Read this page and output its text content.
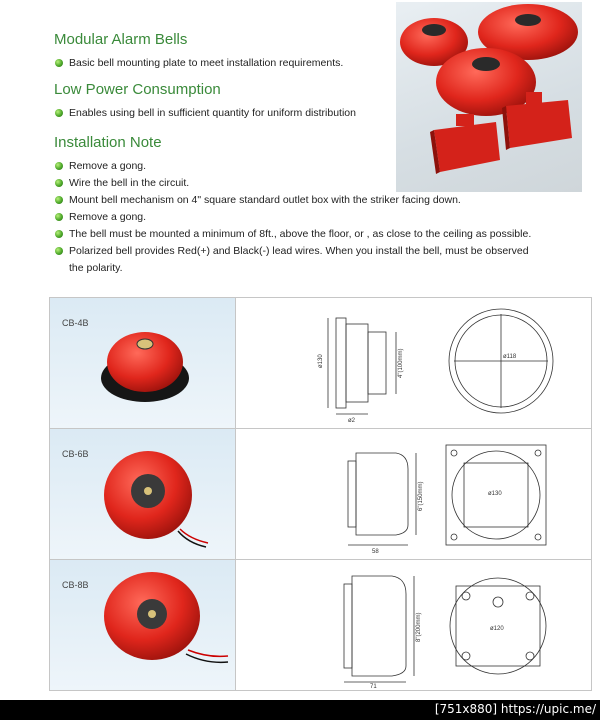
Modular Alarm Bells
Basic bell mounting plate to meet installation requirements.
Low Power Consumption
Enables using bell in sufficient quantity for uniform distribution
Installation Note
Remove a gong.
Wire the bell in the circuit.
Mount bell mechanism on 4" square standard outlet box with the striker facing down.
Remove a gong.
The bell must be mounted a minimum of 8ft., above the floor, or , as close to the ceiling as possible.
Polarized bell provides Red(+) and Black(-) lead wires. When you install the bell, must be observed
the polarity.
CB-4B
ø130
ø2
4"(100mm)	ø118
CB-6B
58
6"(150mm)	ø130
CB-8B
71
8"(200mm)	ø120
[751x880] https://upic.me/
